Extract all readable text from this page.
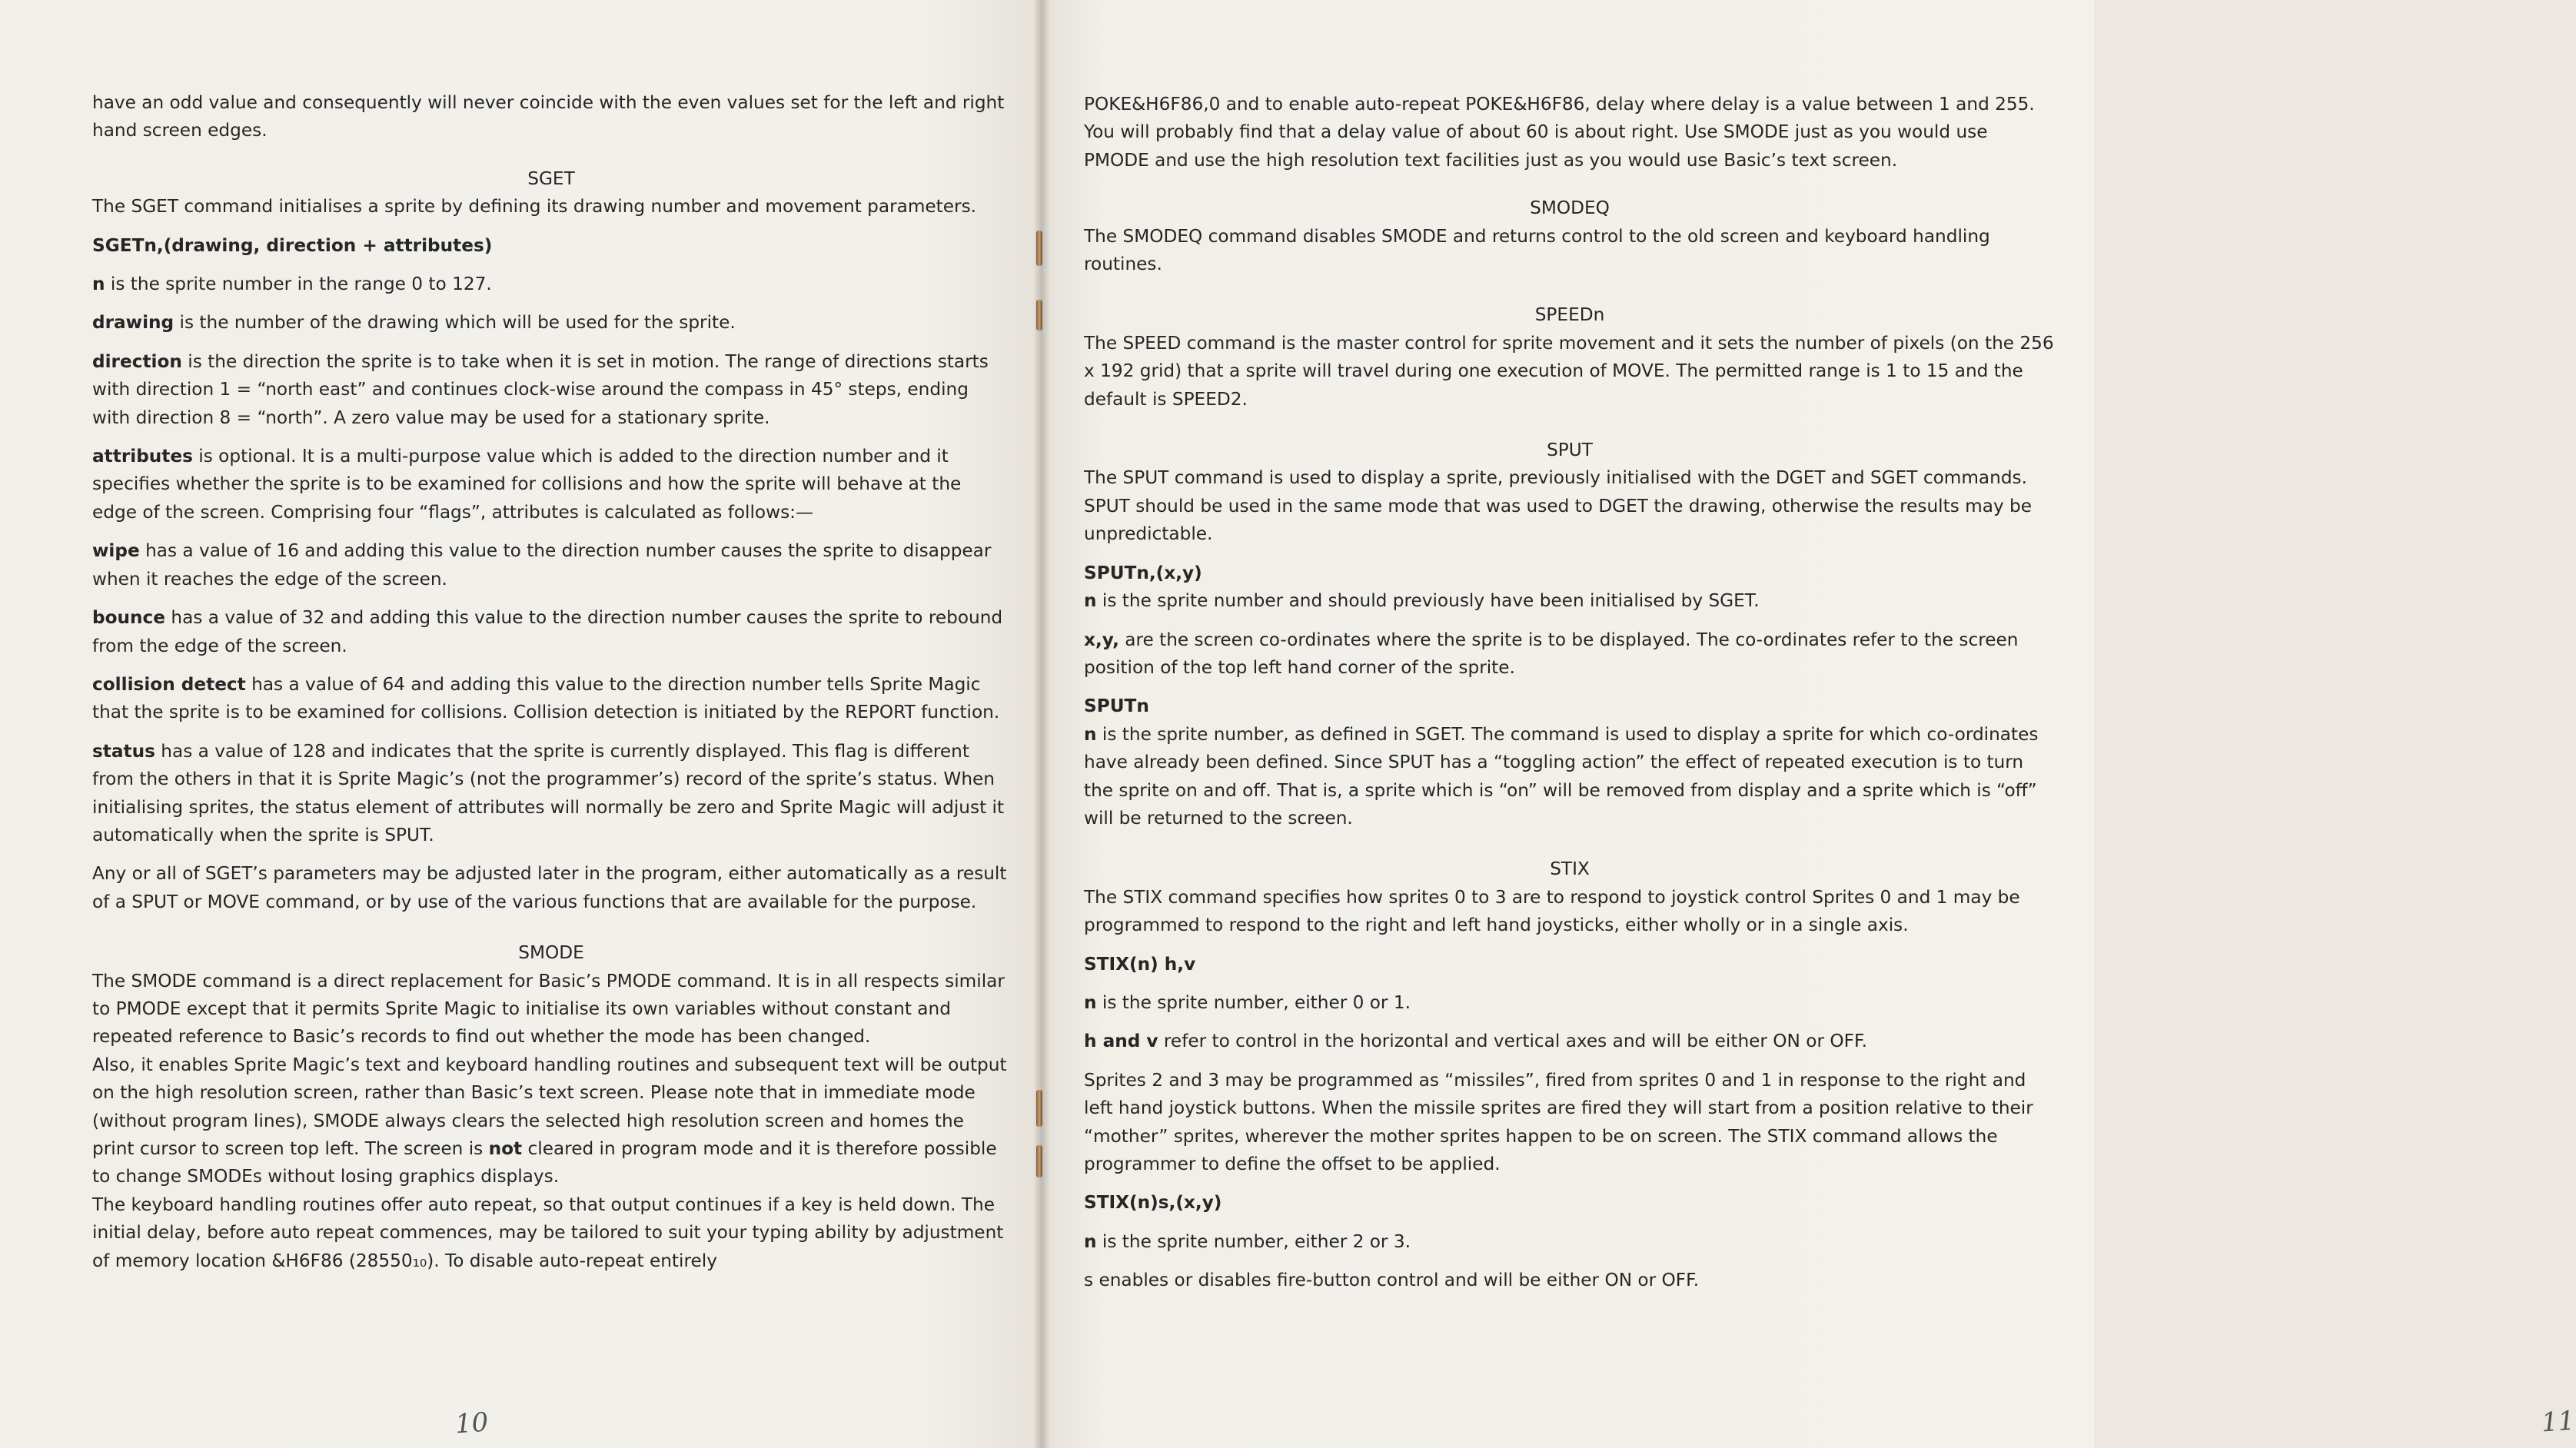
have an odd value and consequently will never coincide with the even values set for the left and right hand screen edges.

SGET

The SGET command initialises a sprite by defining its drawing number and movement parameters.

SGETn,(drawing, direction + attributes)

n is the sprite number in the range 0 to 127.

drawing is the number of the drawing which will be used for the sprite.

direction is the direction the sprite is to take when it is set in motion. The range of directions starts with direction 1 = “north east” and continues clock-wise around the compass in 45° steps, ending with direction 8 = “north”. A zero value may be used for a stationary sprite.

attributes is optional. It is a multi-purpose value which is added to the direction number and it specifies whether the sprite is to be examined for collisions and how the sprite will behave at the edge of the screen. Comprising four “flags”, attributes is calculated as follows:—

wipe has a value of 16 and adding this value to the direction number causes the sprite to disappear when it reaches the edge of the screen.

bounce has a value of 32 and adding this value to the direction number causes the sprite to rebound from the edge of the screen.

collision detect has a value of 64 and adding this value to the direction number tells Sprite Magic that the sprite is to be examined for collisions. Collision detection is initiated by the REPORT function.

status has a value of 128 and indicates that the sprite is currently displayed. This flag is different from the others in that it is Sprite Magic’s (not the programmer’s) record of the sprite’s status. When initialising sprites, the status element of attributes will normally be zero and Sprite Magic will adjust it automatically when the sprite is SPUT.

Any or all of SGET’s parameters may be adjusted later in the program, either automatically as a result of a SPUT or MOVE command, or by use of the various functions that are available for the purpose.

SMODE

The SMODE command is a direct replacement for Basic’s PMODE command. It is in all respects similar to PMODE except that it permits Sprite Magic to initialise its own variables without constant and repeated reference to Basic’s records to find out whether the mode has been changed.

Also, it enables Sprite Magic’s text and keyboard handling routines and subsequent text will be output on the high resolution screen, rather than Basic’s text screen. Please note that in immediate mode (without program lines), SMODE always clears the selected high resolution screen and homes the print cursor to screen top left. The screen is not cleared in program mode and it is therefore possible to change SMODEs without losing graphics displays.

The keyboard handling routines offer auto repeat, so that output continues if a key is held down. The initial delay, before auto repeat commences, may be tailored to suit your typing ability by adjustment of memory location &H6F86 (28550₁₀). To disable auto-repeat entirely

10

POKE&H6F86,0 and to enable auto-repeat POKE&H6F86, delay where delay is a value between 1 and 255. You will probably find that a delay value of about 60 is about right. Use SMODE just as you would use PMODE and use the high resolution text facilities just as you would use Basic’s text screen.

SMODEQ

The SMODEQ command disables SMODE and returns control to the old screen and keyboard handling routines.

SPEEDn

The SPEED command is the master control for sprite movement and it sets the number of pixels (on the 256 x 192 grid) that a sprite will travel during one execution of MOVE. The permitted range is 1 to 15 and the default is SPEED2.

SPUT

The SPUT command is used to display a sprite, previously initialised with the DGET and SGET commands. SPUT should be used in the same mode that was used to DGET the drawing, otherwise the results may be unpredictable.

SPUTn,(x,y)

n is the sprite number and should previously have been initialised by SGET.

x,y, are the screen co-ordinates where the sprite is to be displayed. The co-ordinates refer to the screen position of the top left hand corner of the sprite.

SPUTn

n is the sprite number, as defined in SGET. The command is used to display a sprite for which co-ordinates have already been defined. Since SPUT has a “toggling action” the effect of repeated execution is to turn the sprite on and off. That is, a sprite which is “on” will be removed from display and a sprite which is “off” will be returned to the screen.

STIX

The STIX command specifies how sprites 0 to 3 are to respond to joystick control Sprites 0 and 1 may be programmed to respond to the right and left hand joysticks, either wholly or in a single axis.

STIX(n) h,v

n is the sprite number, either 0 or 1.

h and v refer to control in the horizontal and vertical axes and will be either ON or OFF.

Sprites 2 and 3 may be programmed as “missiles”, fired from sprites 0 and 1 in response to the right and left hand joystick buttons. When the missile sprites are fired they will start from a position relative to their “mother” sprites, wherever the mother sprites happen to be on screen. The STIX command allows the programmer to define the offset to be applied.

STIX(n)s,(x,y)

n is the sprite number, either 2 or 3.

s enables or disables fire-button control and will be either ON or OFF.

11
